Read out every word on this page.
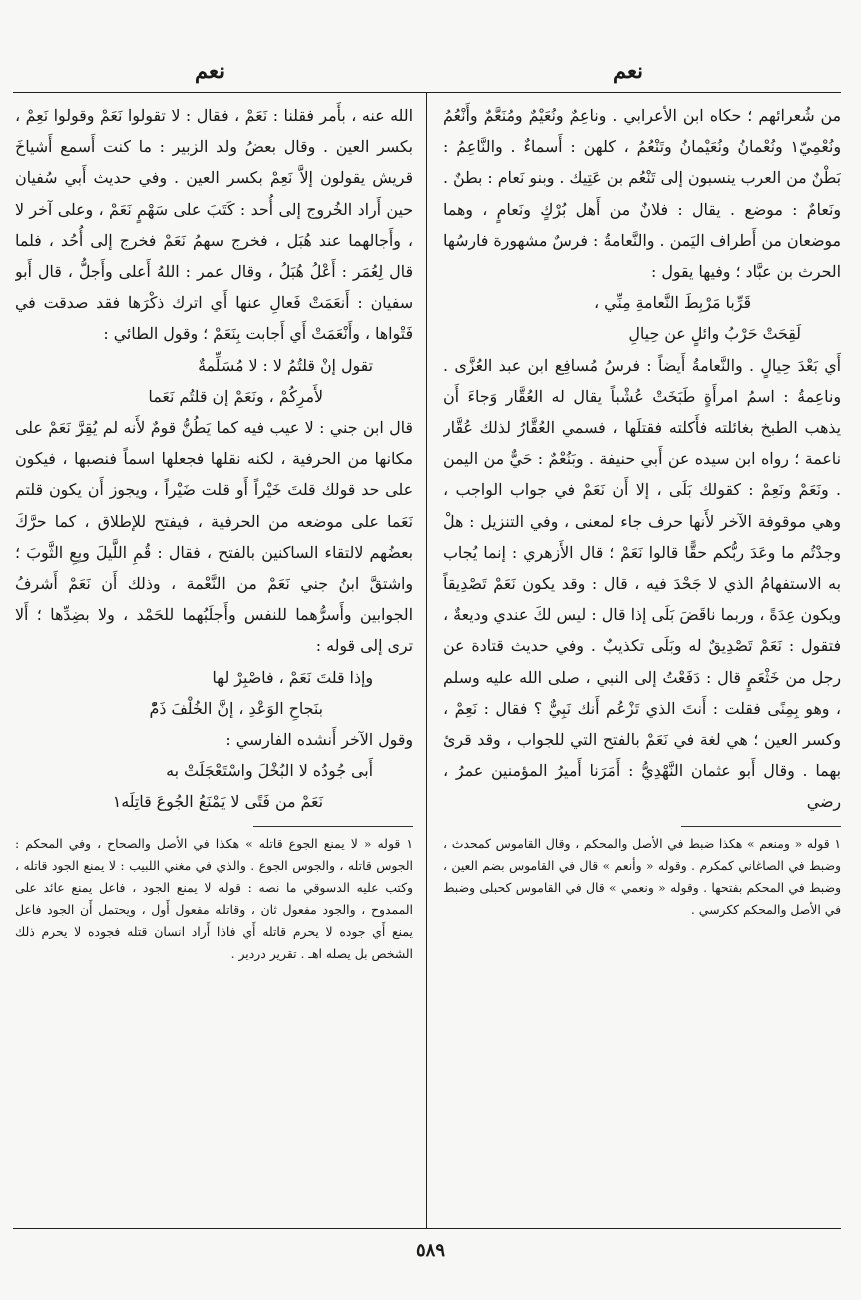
نعم
نعم

من شُعرائهم ؛ حكاه ابن الأعرابي . وناعِمٌ ونُعَيْمٌ ومُنَعَّمٌ وأَنْعُمُ ونُعْمِيّ١ ونُعْمانُ ونُعَيْمانُ وتَنْعُمُ ، كلهن : أَسماءٌ . والنَّاعِمُ : بَطْنٌ من العرب ينسبون إلى تَنْعُم بن عَتِيك . وبنو نَعام : بطنٌ . ونَعامٌ : موضع . يقال : فلانٌ من أَهل بُرْكٍ ونَعامٍ ، وهما موضعان من أَطراف اليَمن . والنَّعامةُ : فرسٌ مشهورة فارسُها الحرث بن عبَّاد ؛ وفيها يقول :

قَرِّبا مَرْبِطَ النَّعامةِ مِنِّي ،
لَقِحَتْ حَرْبُ وائلٍ عن حِيالِ

أَي بَعْدَ حِيالٍ . والنَّعامةُ أَيضاً : فرسُ مُسافِع ابن عبد العُزَّى . وناعِمةُ : اسمُ امرأَةٍ طَبَخَتْ عُشْباً يقال له العُقَّار وَجاءَ أَن يذهب الطبخ بغائلته فأَكلته فقتلَها ، فسمي العُقَّارُ لذلك عُقَّار ناعمة ؛ رواه ابن سيده عن أَبي حنيفة . وبَنُعْمٌ : حَيٌّ من اليمن . ونَعَمْ ونَعِمْ : كقولك بَلَى ، إلا أَن نَعَمْ في جواب الواجب ، وهي موقوفة الآخر لأَنها حرف جاء لمعنى ، وفي التنزيل : هلْ وجدْتُم ما وعَدَ ربُّكم حقًّا قالوا نَعَمْ ؛ قال الأَزهري : إنما يُجاب به الاستفهامُ الذي لا جَحْدَ فيه ، قال : وقد يكون نَعَمْ تَصْدِيقاً ويكون عِدَةً ، وربما ناقَضَ بَلَى إذا قال : ليس لكَ عندي وديعةٌ ، فتقول : نَعَمْ تَصْدِيقٌ له وبَلَى تكذيبٌ . وفي حديث قتادة عن رجل من خَثْعَمٍ قال : دَفَعْتُ إلى النبي ، صلى الله عليه وسلم ، وهو بِمِنًى فقلت : أَنتَ الذي تَزْعُم أَنك نَبِيٌّ ؟ فقال : نَعِمْ ، وكسر العين ؛ هي لغة في نَعَمْ بالفتح التي للجواب ، وقد قرئ بهما . وقال أَبو عثمان النَّهْدِيُّ : أَمَرَنا أَميرُ المؤمنين عمرُ ، رضي

١ قوله « ومنعم » هكذا ضبط في الأصل والمحكم ، وقال القاموس كمحدث ، وضبط في الصاغاني كمكرم . وقوله « وأنعم » قال في القاموس بضم العين ، وضبط في المحكم بفتحها . وقوله « ونعمي » قال في القاموس كحبلى وضبط في الأصل والمحكم ككرسي .

الله عنه ، بأَمر فقلنا : نَعَمْ ، فقال : لا تقولوا نَعَمْ وقولوا نَعِمْ ، بكسر العين . وقال بعضُ ولد الزبير : ما كنت أَسمع أَشياخَ قريش يقولون إلاَّ نَعِمْ بكسر العين . وفي حديث أَبي سُفيان حين أَراد الخُروج إلى أُحد : كَتَبَ على سَهْمٍ نَعَمْ ، وعلى آخر لا ، وأَجالهما عند هُبَل ، فخرج سهمُ نَعَمْ فخرج إلى أُحُد ، فلما قال لِعُمَر : أَعْلُ هُبَلُ ، وقال عمر : اللهُ أَعلى وأَجلُّ ، قال أَبو سفيان : أَنعَمَتْ فَعالِ عنها أَي اترك ذكْرَها فقد صدقت في فَتْواها ، وأَنْعَمَتْ أَي أَجابت بِنَعَمْ ؛ وقول الطائي :

تقول إنْ قلتُمُ لا : لا مُسَلِّمةٌ
لأَمرِكُمْ ، ونَعَمْ إن قلتُم نَعَما

قال ابن جني : لا عيب فيه كما يَطُنُّ قومٌ لأَنه لم يُقِرَّ نَعَمْ على مكانها من الحرفية ، لكنه نقلها فجعلها اسماً فنصبها ، فيكون على حد قولك قلتَ خَيْراً أَو قلت ضَيْراً ، ويجوز أَن يكون قلتم نَعَما على موضعه من الحرفية ، فيفتح للإطلاق ، كما حرَّكَ بعضُهم لالتقاء الساكنين بالفتح ، فقال : قُمِ اللَّيلَ وبِعِ الثَّوبَ ؛ واشتقَّ ابنُ جني نَعَمْ من النَّعْمة ، وذلك أَن نَعَمْ أَشرفُ الجوابين وأَسرُّهما للنفس وأَجلَبُهما للحَمْد ، ولا بضِدِّها ؛ أَلا ترى إلى قوله :

وإذا قلتَ نَعَمْ ، فاصْبِرْ لها
بنَجاحِ الوَعْدِ ، إنَّ الخُلْفَ ذَمّْ

وقول الآخر أَنشده الفارسي :

أَبى جُودُه لا البُخْلَ واسْتَعْجَلَتْ به
نَعَمْ من فَتًى لا يَمْنَعُ الجُوعَ قاتِلَه١

١ قوله « لا يمنع الجوع قاتله » هكذا في الأصل والصحاح ، وفي المحكم : الجوس قاتله ، والجوس الجوع . والذي في مغني اللبيب : لا يمنع الجود قاتله ، وكتب عليه الدسوقي ما نصه : قوله لا يمنع الجود ، فاعل يمنع عائد على الممدوح ، والجود مفعول ثان ، وقاتله مفعول أَول ، ويحتمل أَن الجود فاعل يمنع أَي جوده لا يحرم قاتله أَي فاذا أَراد انسان قتله فجوده لا يحرم ذلك الشخص بل يصله اهـ . تقرير دردير .

٥٨٩
